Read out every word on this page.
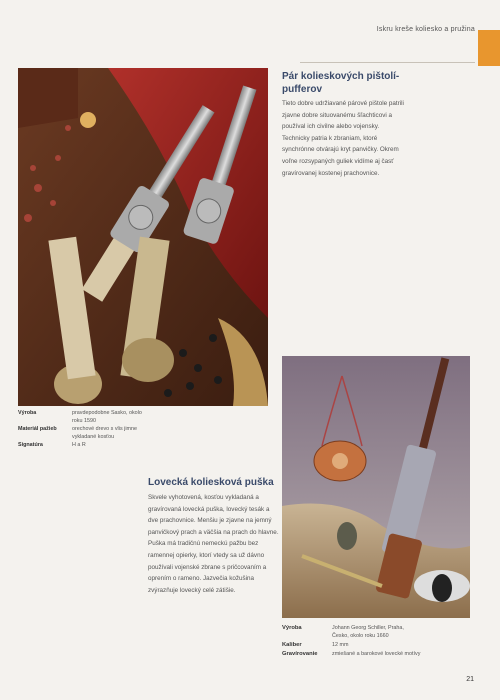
Iskru kreše koliesko a pružina
Pár kolieskových pištolí-pufferov

Tieto dobre udržiavané párové pištole patrili zjavne dobre situovanému šľachticovi a používal ich civilne alebo vojensky. Technicky patria k zbraniam, ktoré synchrónne otvárajú kryt panvičky. Okrem voľne rozsypaných guliek vidíme aj časť gravírovanej kostenej prachovnice.

Výroba	pravdepodobne Sasko, okolo roku 1590
Materiál pažieb	orechové drevo s vlis jimne vykladané kosťou
Signatúra	H a R
Lovecká koliesková puška

Skvele vyhotovená, kosťou vykladaná a gravírovaná lovecká puška, lovecký tesák a dve prachovnice. Menšiu je zjavne na jemný panvičkový prach a väčšia na prach do hlavne. Puška má tradičnú nemeckú pažbu bez ramennej opierky, ktorí vtedy sa už dávno používali vojenské zbrane s pričcovaním a oprením o rameno. Jazvečia kožušina zvýrazňuje lovecký celé zátišie.

Výroba	Johann Georg Schiller, Praha, Česko, okolo roku 1660
Kaliber	12 mm
Gravírovanie	zmiešané a barokové lovecké motívy
21
